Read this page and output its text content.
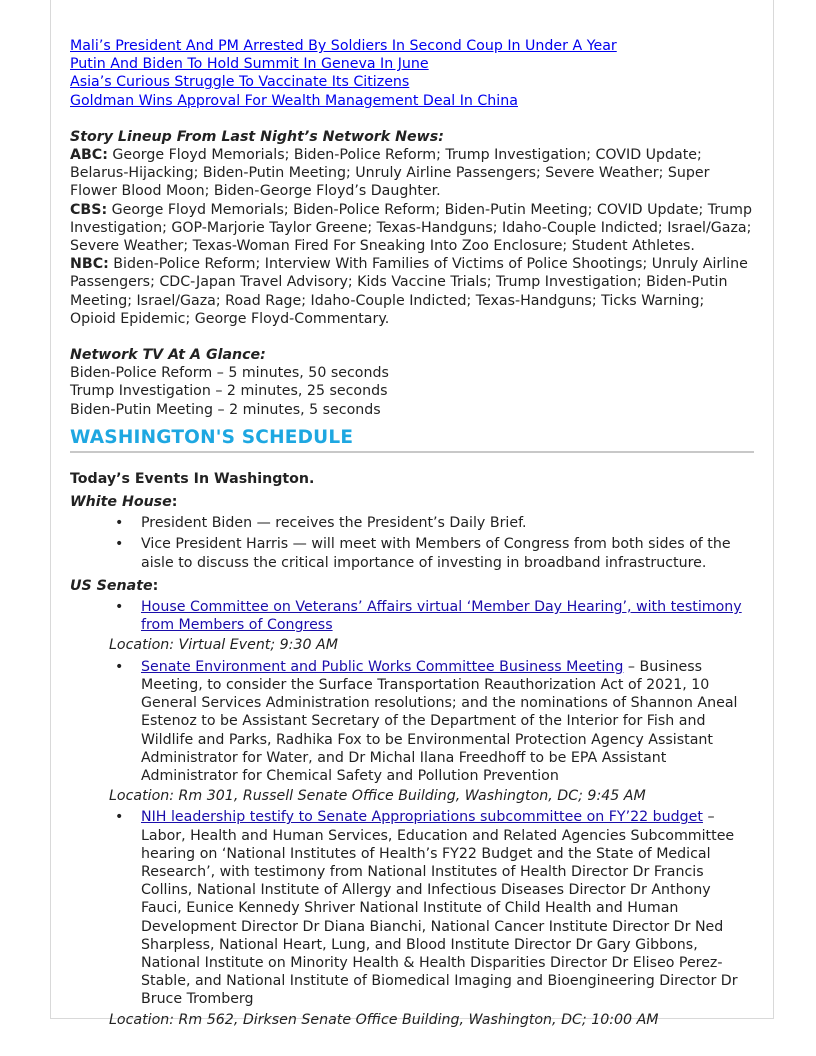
Mali’s President And PM Arrested By Soldiers In Second Coup In Under A Year
Putin And Biden To Hold Summit In Geneva In June
Asia’s Curious Struggle To Vaccinate Its Citizens
Goldman Wins Approval For Wealth Management Deal In China
Story Lineup From Last Night’s Network News:

ABC: George Floyd Memorials; Biden-Police Reform; Trump Investigation; COVID Update; Belarus-Hijacking; Biden-Putin Meeting; Unruly Airline Passengers; Severe Weather; Super Flower Blood Moon; Biden-George Floyd’s Daughter.

CBS: George Floyd Memorials; Biden-Police Reform; Biden-Putin Meeting; COVID Update; Trump Investigation; GOP-Marjorie Taylor Greene; Texas-Handguns; Idaho-Couple Indicted; Israel/Gaza; Severe Weather; Texas-Woman Fired For Sneaking Into Zoo Enclosure; Student Athletes.

NBC: Biden-Police Reform; Interview With Families of Victims of Police Shootings; Unruly Airline Passengers; CDC-Japan Travel Advisory; Kids Vaccine Trials; Trump Investigation; Biden-Putin Meeting; Israel/Gaza; Road Rage; Idaho-Couple Indicted; Texas-Handguns; Ticks Warning; Opioid Epidemic; George Floyd-Commentary.

Network TV At A Glance:
Biden-Police Reform – 5 minutes, 50 seconds
Trump Investigation – 2 minutes, 25 seconds
Biden-Putin Meeting – 2 minutes, 5 seconds
WASHINGTON'S SCHEDULE
Today’s Events In Washington.
White House:
• President Biden — receives the President’s Daily Brief.
• Vice President Harris — will meet with Members of Congress from both sides of the aisle to discuss the critical importance of investing in broadband infrastructure.
US Senate:
• House Committee on Veterans’ Affairs virtual ‘Member Day Hearing’, with testimony from Members of Congress
Location: Virtual Event; 9:30 AM
• Senate Environment and Public Works Committee Business Meeting – Business Meeting, to consider the Surface Transportation Reauthorization Act of 2021, 10 General Services Administration resolutions; and the nominations of Shannon Aneal Estenoz to be Assistant Secretary of the Department of the Interior for Fish and Wildlife and Parks, Radhika Fox to be Environmental Protection Agency Assistant Administrator for Water, and Dr Michal Ilana Freedhoff to be EPA Assistant Administrator for Chemical Safety and Pollution Prevention
Location: Rm 301, Russell Senate Office Building, Washington, DC; 9:45 AM
• NIH leadership testify to Senate Appropriations subcommittee on FY’22 budget – Labor, Health and Human Services, Education and Related Agencies Subcommittee hearing on ‘National Institutes of Health’s FY22 Budget and the State of Medical Research’, with testimony from National Institutes of Health Director Dr Francis Collins, National Institute of Allergy and Infectious Diseases Director Dr Anthony Fauci, Eunice Kennedy Shriver National Institute of Child Health and Human Development Director Dr Diana Bianchi, National Cancer Institute Director Dr Ned Sharpless, National Heart, Lung, and Blood Institute Director Dr Gary Gibbons, National Institute on Minority Health & Health Disparities Director Dr Eliseo Perez-Stable, and National Institute of Biomedical Imaging and Bioengineering Director Dr Bruce Tromberg
Location: Rm 562, Dirksen Senate Office Building, Washington, DC; 10:00 AM
